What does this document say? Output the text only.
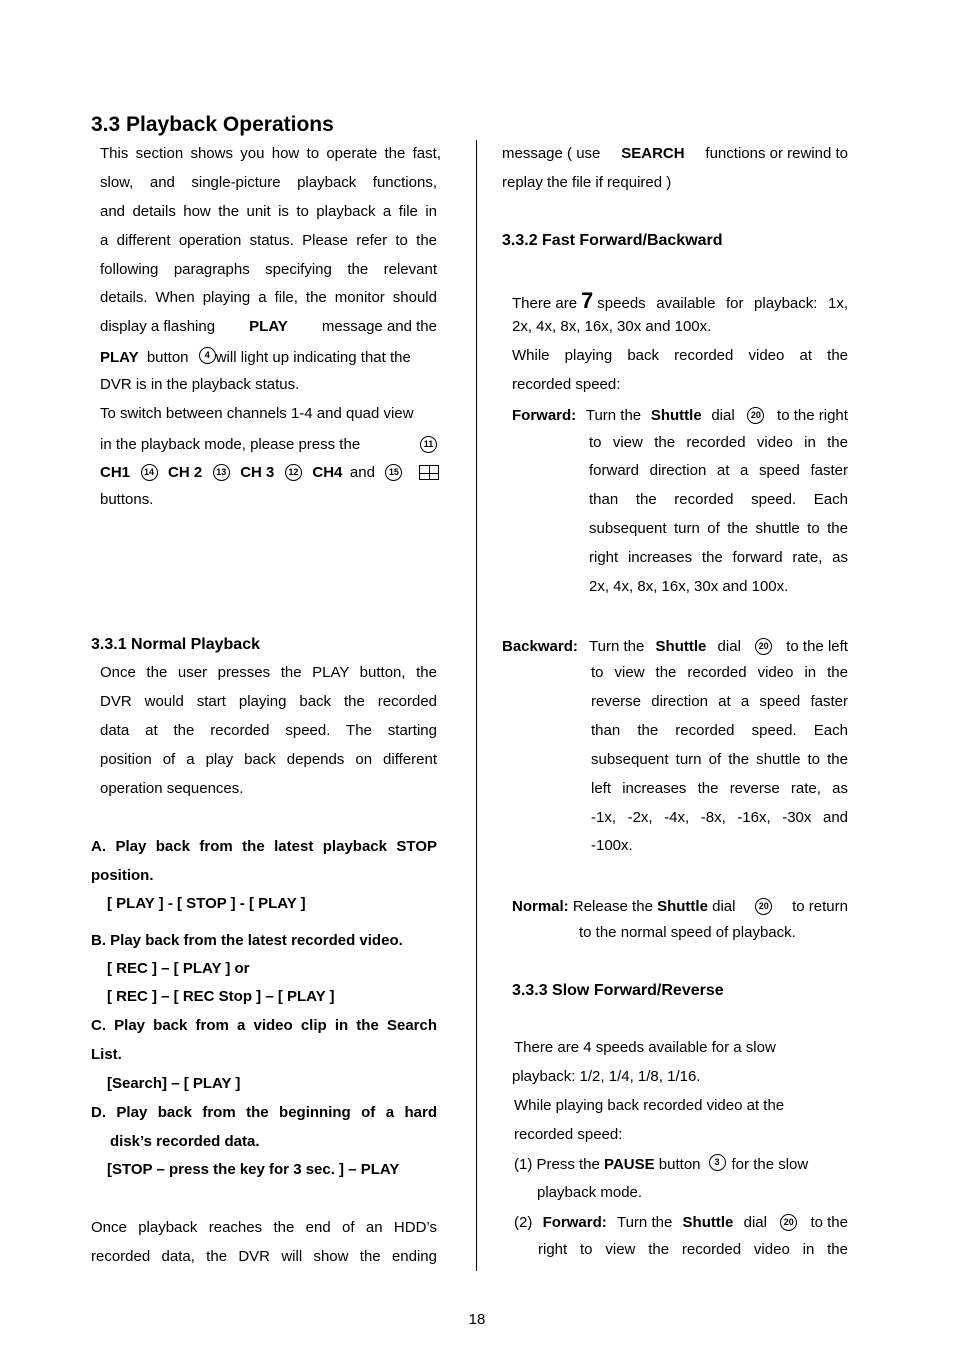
3.3 Playback Operations
This section shows you how to operate the fast,
slow, and single-picture playback functions,
and details how the unit is to playback a file in
a different operation status. Please refer to the
following paragraphs specifying the relevant
details. When playing a file, the monitor should
display a flashing PLAY message and the
PLAY button 4 will light up indicating that the
DVR is in the playback status.
To switch between channels 1-4 and quad view
in the playback mode, please press the	11
CH1	14 CH 2	13 CH 3	12 CH4 and	15
buttons.
3.3.1 Normal Playback
Once the user presses the PLAY button, the
DVR would start playing back the recorded
data at the recorded speed. The starting
position of a play back depends on different
operation sequences.
A. Play back from the latest playback STOP
position.
[ PLAY ] - [ STOP ] - [ PLAY ]
B. Play back from the latest recorded video.
[ REC ] – [ PLAY ] or
[ REC ] – [ REC Stop ] – [ PLAY ]
C. Play back from a video clip in the Search
List.
[Search] – [ PLAY ]
D. Play back from the beginning of a hard
disk’s recorded data.
[STOP – press the key for 3 sec. ] – PLAY
Once playback reaches the end of an HDD’s
recorded data, the DVR will show the ending
message ( use SEARCH functions or rewind to
replay the file if required )
3.3.2 Fast Forward/Backward
There are 7 speeds available for playback: 1x,
2x, 4x, 8x, 16x, 30x and 100x.
While playing back recorded video at the
recorded speed:
Forward: Turn the Shuttle dial	20 to the right
to view the recorded video in the
forward direction at a speed faster
than the recorded speed. Each
subsequent turn of the shuttle to the
right increases the forward rate, as
2x, 4x, 8x, 16x, 30x and 100x.
Backward: Turn the Shuttle dial	20 to the left
to view the recorded video in the
reverse direction at a speed faster
than the recorded speed. Each
subsequent turn of the shuttle to the
left increases the reverse rate, as
-1x, -2x, -4x, -8x, -16x, -30x and
-100x.
Normal: Release the Shuttle dial	20 to return
to the normal speed of playback.
3.3.3 Slow Forward/Reverse
There are 4 speeds available for a slow
playback: 1/2, 1/4, 1/8, 1/16.
While playing back recorded video at the
recorded speed:
(1) Press the PAUSE button 3 for the slow
playback mode.
(2) Forward: Turn the Shuttle dial	20 to the
right to view the recorded video in the
18
